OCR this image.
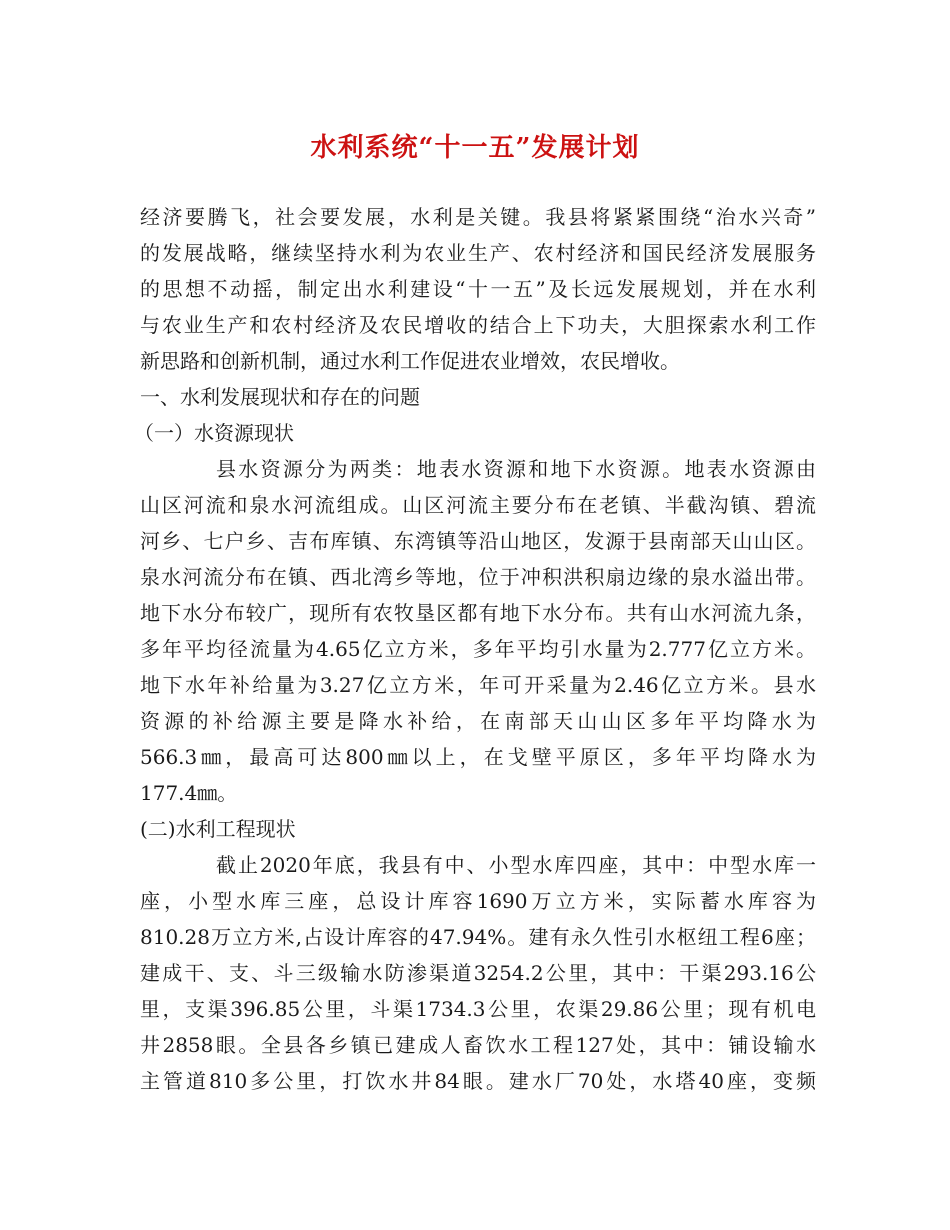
水利系统“十一五”发展计划
经济要腾飞，社会要发展，水利是关键。我县将紧紧围绕“治水兴奇”
的发展战略，继续坚持水利为农业生产、农村经济和国民经济发展服务
的思想不动摇，制定出水利建设“十一五”及长远发展规划，并在水利
与农业生产和农村经济及农民增收的结合上下功夫，大胆探索水利工作
新思路和创新机制，通过水利工作促进农业增效，农民增收。
一、水利发展现状和存在的问题
（一）水资源现状
县水资源分为两类：地表水资源和地下水资源。地表水资源由
山区河流和泉水河流组成。山区河流主要分布在老镇、半截沟镇、碧流
河乡、七户乡、吉布库镇、东湾镇等沿山地区，发源于县南部天山山区。
泉水河流分布在镇、西北湾乡等地，位于冲积洪积扇边缘的泉水溢出带。
地下水分布较广，现所有农牧垦区都有地下水分布。共有山水河流九条，
多年平均径流量为4.65亿立方米，多年平均引水量为2.777亿立方米。
地下水年补给量为3.27亿立方米，年可开采量为2.46亿立方米。县水
资源的补给源主要是降水补给，在南部天山山区多年平均降水为
566.3㎜，最高可达800㎜以上，在戈壁平原区，多年平均降水为
177.4㎜。
(二)水利工程现状
截止2020年底，我县有中、小型水库四座，其中：中型水库一
座，小型水库三座，总设计库容1690万立方米，实际蓄水库容为
810.28万立方米,占设计库容的47.94%。建有永久性引水枢纽工程6座；
建成干、支、斗三级输水防渗渠道3254.2公里，其中：干渠293.16公
里，支渠396.85公里，斗渠1734.3公里，农渠29.86公里；现有机电
井2858眼。全县各乡镇已建成人畜饮水工程127处，其中：铺设输水
主管道810多公里，打饮水井84眼。建水厂70处，水塔40座，变频
